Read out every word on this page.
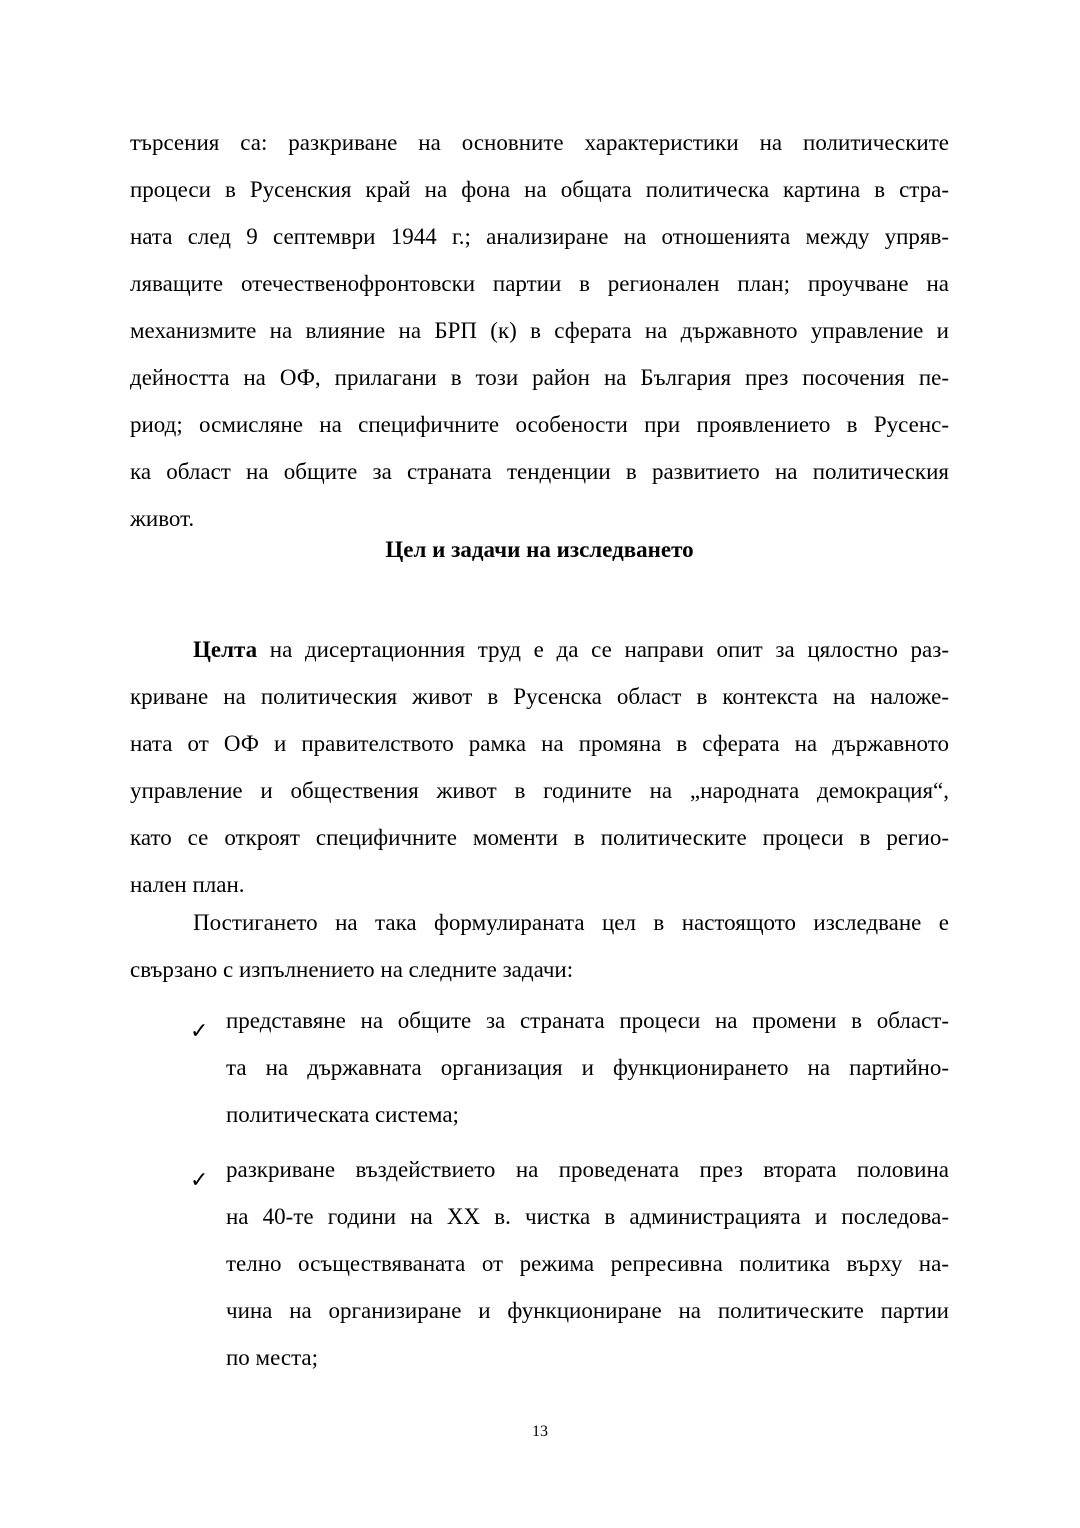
търсения са: разкриване на основните характеристики на политическите
процеси в Русенския край на фона на общата политическа картина в стра-
ната след 9 септември 1944 г.; анализиране на отношенията между упряв-
ляващите отечественофронтовски партии в регионален план; проучване на
механизмите на влияние на БРП (к) в сферата на държавното управление и
дейността на ОФ, прилагани в този район на България през посочения пе-
риод; осмисляне на специфичните особености при проявлението в Русенс-
ка област на общите за страната тенденции в развитието на политическия
живот.
Цел и задачи на изследването
Целта на дисертационния труд е да се направи опит за цялостно раз-
криване на политическия живот в Русенска област в контекста на наложе-
ната от ОФ и правителството рамка на промяна в сферата на държавното
управление и обществения живот в годините на „народната демокрация“,
като се откроят специфичните моменти в политическите процеси в регио-
нален план.
Постигането на така формулираната цел в настоящото изследване е
свързано с изпълнението на следните задачи:
✓ представяне на общите за страната процеси на промени в област-
та на държавната организация и функционирането на партийно-
политическата система;
✓ разкриване въздействието на проведената през втората половина
на 40-те години на XX в. чистка в администрацията и последова-
телно осъществяваната от режима репресивна политика върху на-
чина на организиране и функциониране на политическите партии
по места;
13
